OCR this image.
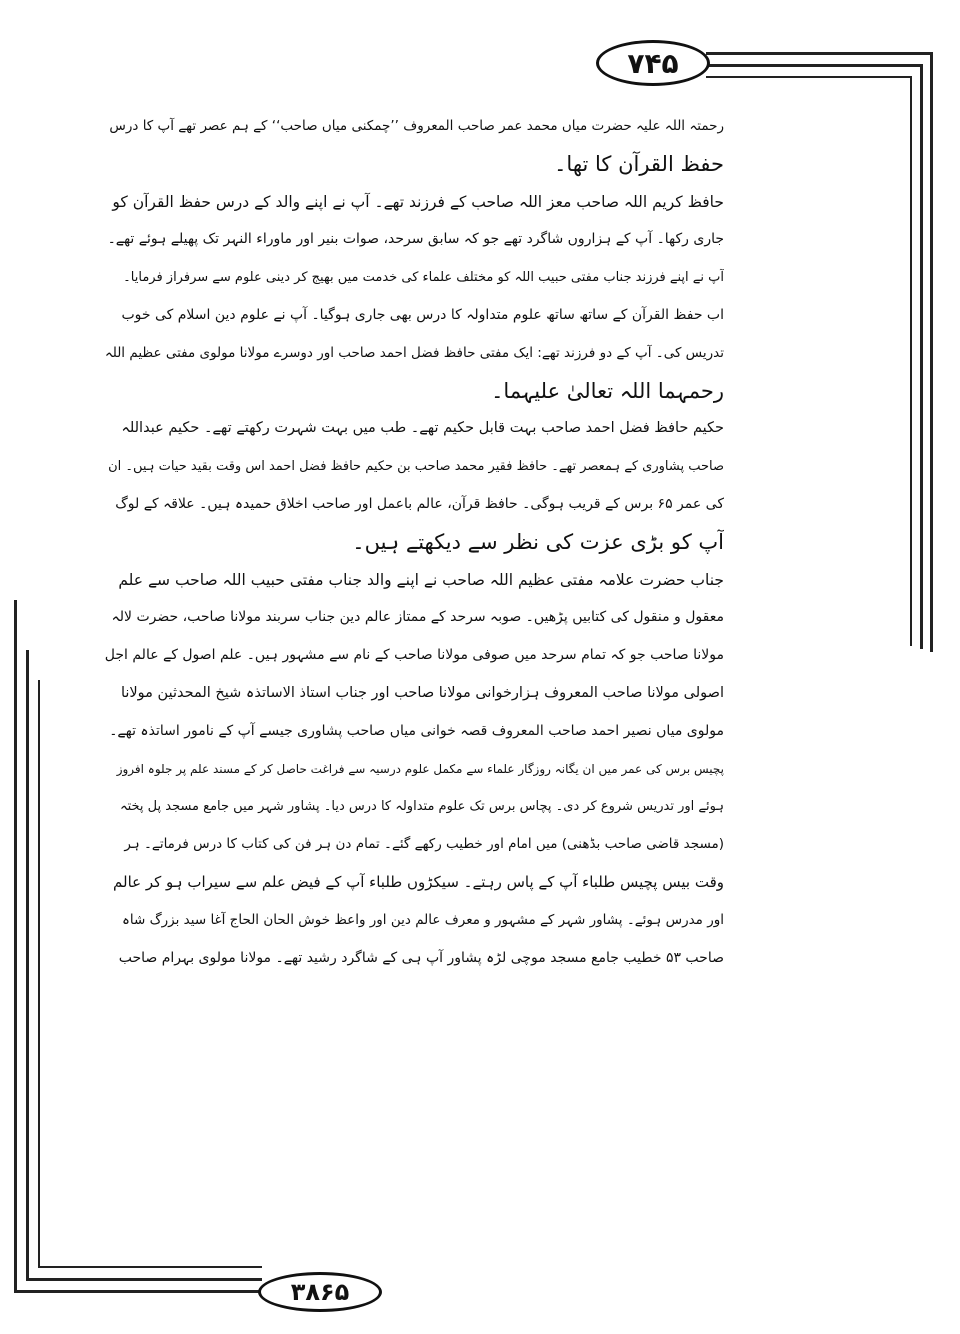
۷۴۵
رحمتہ اللہ علیہ حضرت میاں محمد عمر صاحب المعروف ’’چمکنی میاں صاحب‘‘ کے ہم عصر تھے آپ کا درس
حفظ القرآن کا تھا۔
حافظ کریم اللہ صاحب معز اللہ صاحب کے فرزند تھے۔ آپ نے اپنے والد کے درس حفظ القرآن کو
جاری رکھا۔ آپ کے ہزاروں شاگرد تھے جو کہ سابق سرحد، صوات بنیر اور ماوراء النہر تک پھیلے ہوئے تھے۔
آپ نے اپنے فرزند جناب مفتی حبیب اللہ کو مختلف علماء کی خدمت میں بھیج کر دینی علوم سے سرفراز فرمایا۔
اب حفظ القرآن کے ساتھ ساتھ علوم متداولہ کا درس بھی جاری ہوگیا۔ آپ نے علوم دین اسلام کی خوب
تدریس کی۔ آپ کے دو فرزند تھے: ایک مفتی حافظ فضل احمد صاحب اور دوسرے مولانا مولوی مفتی عظیم اللہ
رحمہما اللہ تعالیٰ علیہما۔
حکیم حافظ فضل احمد صاحب بہت قابل حکیم تھے۔ طب میں بہت شہرت رکھتے تھے۔ حکیم عبداللہ
صاحب پشاوری کے ہمعصر تھے۔ حافظ فقیر محمد صاحب بن حکیم حافظ فضل احمد اس وقت بقید حیات ہیں۔ ان
کی عمر ۶۵ برس کے قریب ہوگی۔ حافظ قرآن، عالم باعمل اور صاحب اخلاق حمیدہ ہیں۔ علاقہ کے لوگ
آپ کو بڑی عزت کی نظر سے دیکھتے ہیں۔
جناب حضرت علامہ مفتی عظیم اللہ صاحب نے اپنے والد جناب مفتی حبیب اللہ صاحب سے علم
معقول و منقول کی کتابیں پڑھیں۔ صوبہ سرحد کے ممتاز عالم دین جناب سربند مولانا صاحب، حضرت لالہ
مولانا صاحب جو کہ تمام سرحد میں صوفی مولانا صاحب کے نام سے مشہور ہیں۔ علم اصول کے عالم اجل
اصولی مولانا صاحب المعروف ہزارخوانی مولانا صاحب اور جناب استاذ الاساتذہ شیخ المحدثین مولانا
مولوی میاں نصیر احمد صاحب المعروف قصہ خوانی میاں صاحب پشاوری جیسے آپ کے نامور اساتذہ تھے۔
پچیس برس کی عمر میں ان یگانہ روزگار علماء سے مکمل علوم درسیہ سے فراغت حاصل کر کے مسند علم پر جلوہ افروز
ہوئے اور تدریس شروع کر دی۔ پچاس برس تک علوم متداولہ کا درس دیا۔ پشاور شہر میں جامع مسجد پل پختہ
(مسجد قاضی صاحب بڈھنی) میں امام اور خطیب رکھے گئے۔ تمام دن ہر فن کی کتاب کا درس فرماتے۔ ہر
وقت بیس پچیس طلباء آپ کے پاس رہتے۔ سیکڑوں طلباء آپ کے فیض علم سے سیراب ہو کر عالم
اور مدرس ہوئے۔ پشاور شہر کے مشہور و معرف عالم دین اور واعظ خوش الحان الحاج آغا سید بزرگ شاہ
صاحب ۵۳ خطیب جامع مسجد موچی لڑہ پشاور آپ ہی کے شاگرد رشید تھے۔ مولانا مولوی بہرام صاحب
۳۸۶۵
